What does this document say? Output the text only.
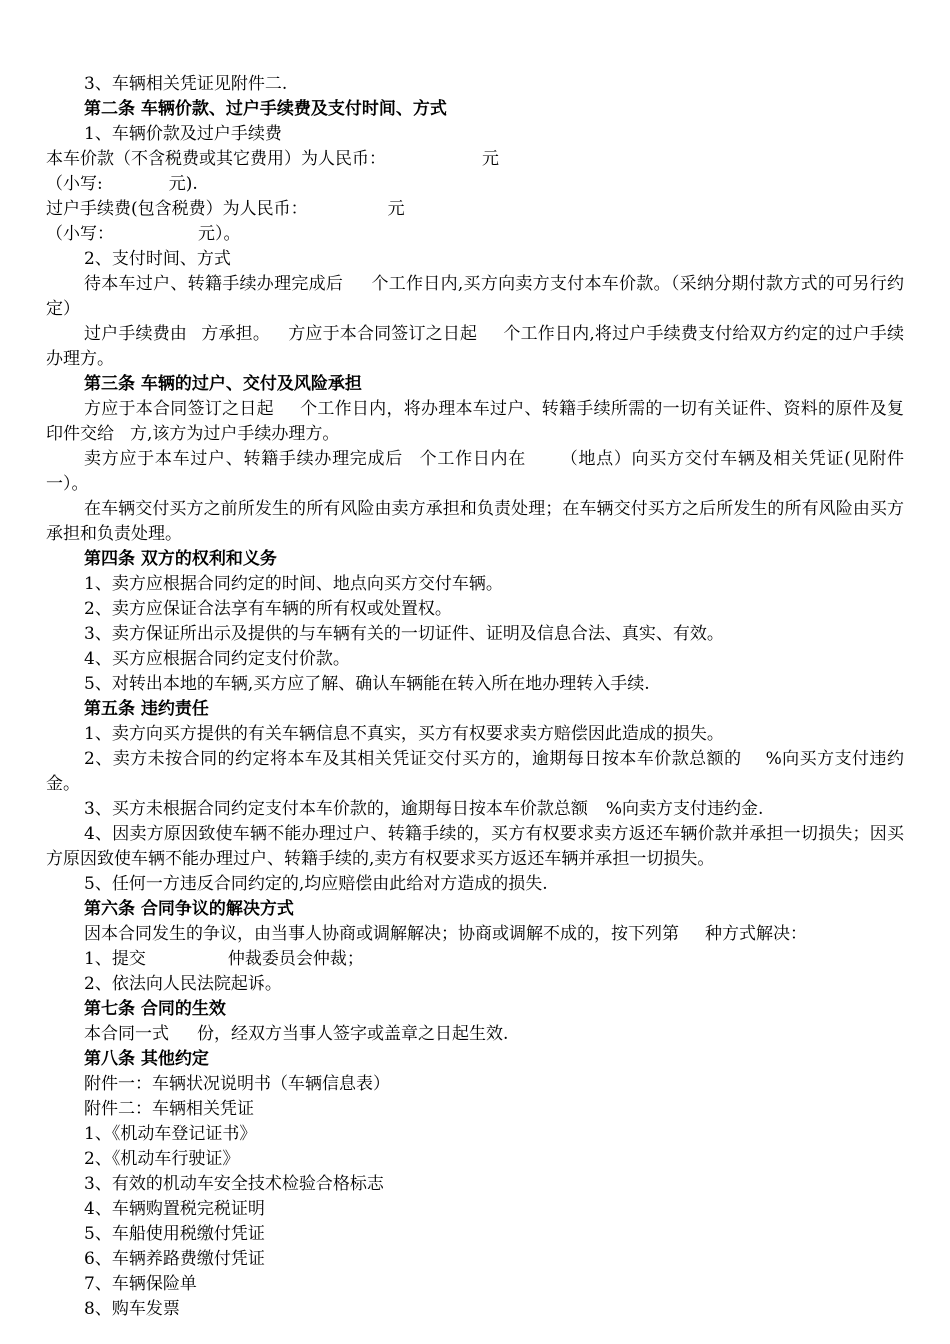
3、车辆相关凭证见附件二.

第二条 车辆价款、过户手续费及支付时间、方式

1、车辆价款及过户手续费

本车价款（不含税费或其它费用）为人民币：	元

（小写:	元).

过户手续费(包含税费）为人民币：	元

（小写：	元）。

2、支付时间、方式

待本车过户、转籍手续办理完成后 个工作日内,买方向卖方支付本车价款。（采纳分期付款方式的可另行约定）

过户手续费由 方承担。 方应于本合同签订之日起 个工作日内,将过户手续费支付给双方约定的过户手续办理方。

第三条 车辆的过户、交付及风险承担

方应于本合同签订之日起 个工作日内，将办理本车过户、转籍手续所需的一切有关证件、资料的原件及复印件交给 方,该方为过户手续办理方。

卖方应于本车过户、转籍手续办理完成后 个工作日内在 （地点）向买方交付车辆及相关凭证(见附件一）。

在车辆交付买方之前所发生的所有风险由卖方承担和负责处理；在车辆交付买方之后所发生的所有风险由买方承担和负责处理。

第四条 双方的权利和义务

1、卖方应根据合同约定的时间、地点向买方交付车辆。

2、卖方应保证合法享有车辆的所有权或处置权。

3、卖方保证所出示及提供的与车辆有关的一切证件、证明及信息合法、真实、有效。

4、买方应根据合同约定支付价款。

5、对转出本地的车辆,买方应了解、确认车辆能在转入所在地办理转入手续.

第五条 违约责任

1、卖方向买方提供的有关车辆信息不真实，买方有权要求卖方赔偿因此造成的损失。

2、卖方未按合同的约定将本车及其相关凭证交付买方的，逾期每日按本车价款总额的 %向买方支付违约金。

3、买方未根据合同约定支付本车价款的，逾期每日按本车价款总额 %向卖方支付违约金.

4、因卖方原因致使车辆不能办理过户、转籍手续的，买方有权要求卖方返还车辆价款并承担一切损失；因买方原因致使车辆不能办理过户、转籍手续的,卖方有权要求买方返还车辆并承担一切损失。

5、任何一方违反合同约定的,均应赔偿由此给对方造成的损失.

第六条 合同争议的解决方式

因本合同发生的争议，由当事人协商或调解解决；协商或调解不成的，按下列第 种方式解决：

1、提交	仲裁委员会仲裁；

2、依法向人民法院起诉。

第七条 合同的生效

本合同一式 份，经双方当事人签字或盖章之日起生效.

第八条 其他约定

附件一：车辆状况说明书（车辆信息表）

附件二：车辆相关凭证

1、《机动车登记证书》

2、《机动车行驶证》

3、有效的机动车安全技术检验合格标志

4、车辆购置税完税证明

5、车船使用税缴付凭证

6、车辆养路费缴付凭证

7、车辆保险单

8、购车发票
